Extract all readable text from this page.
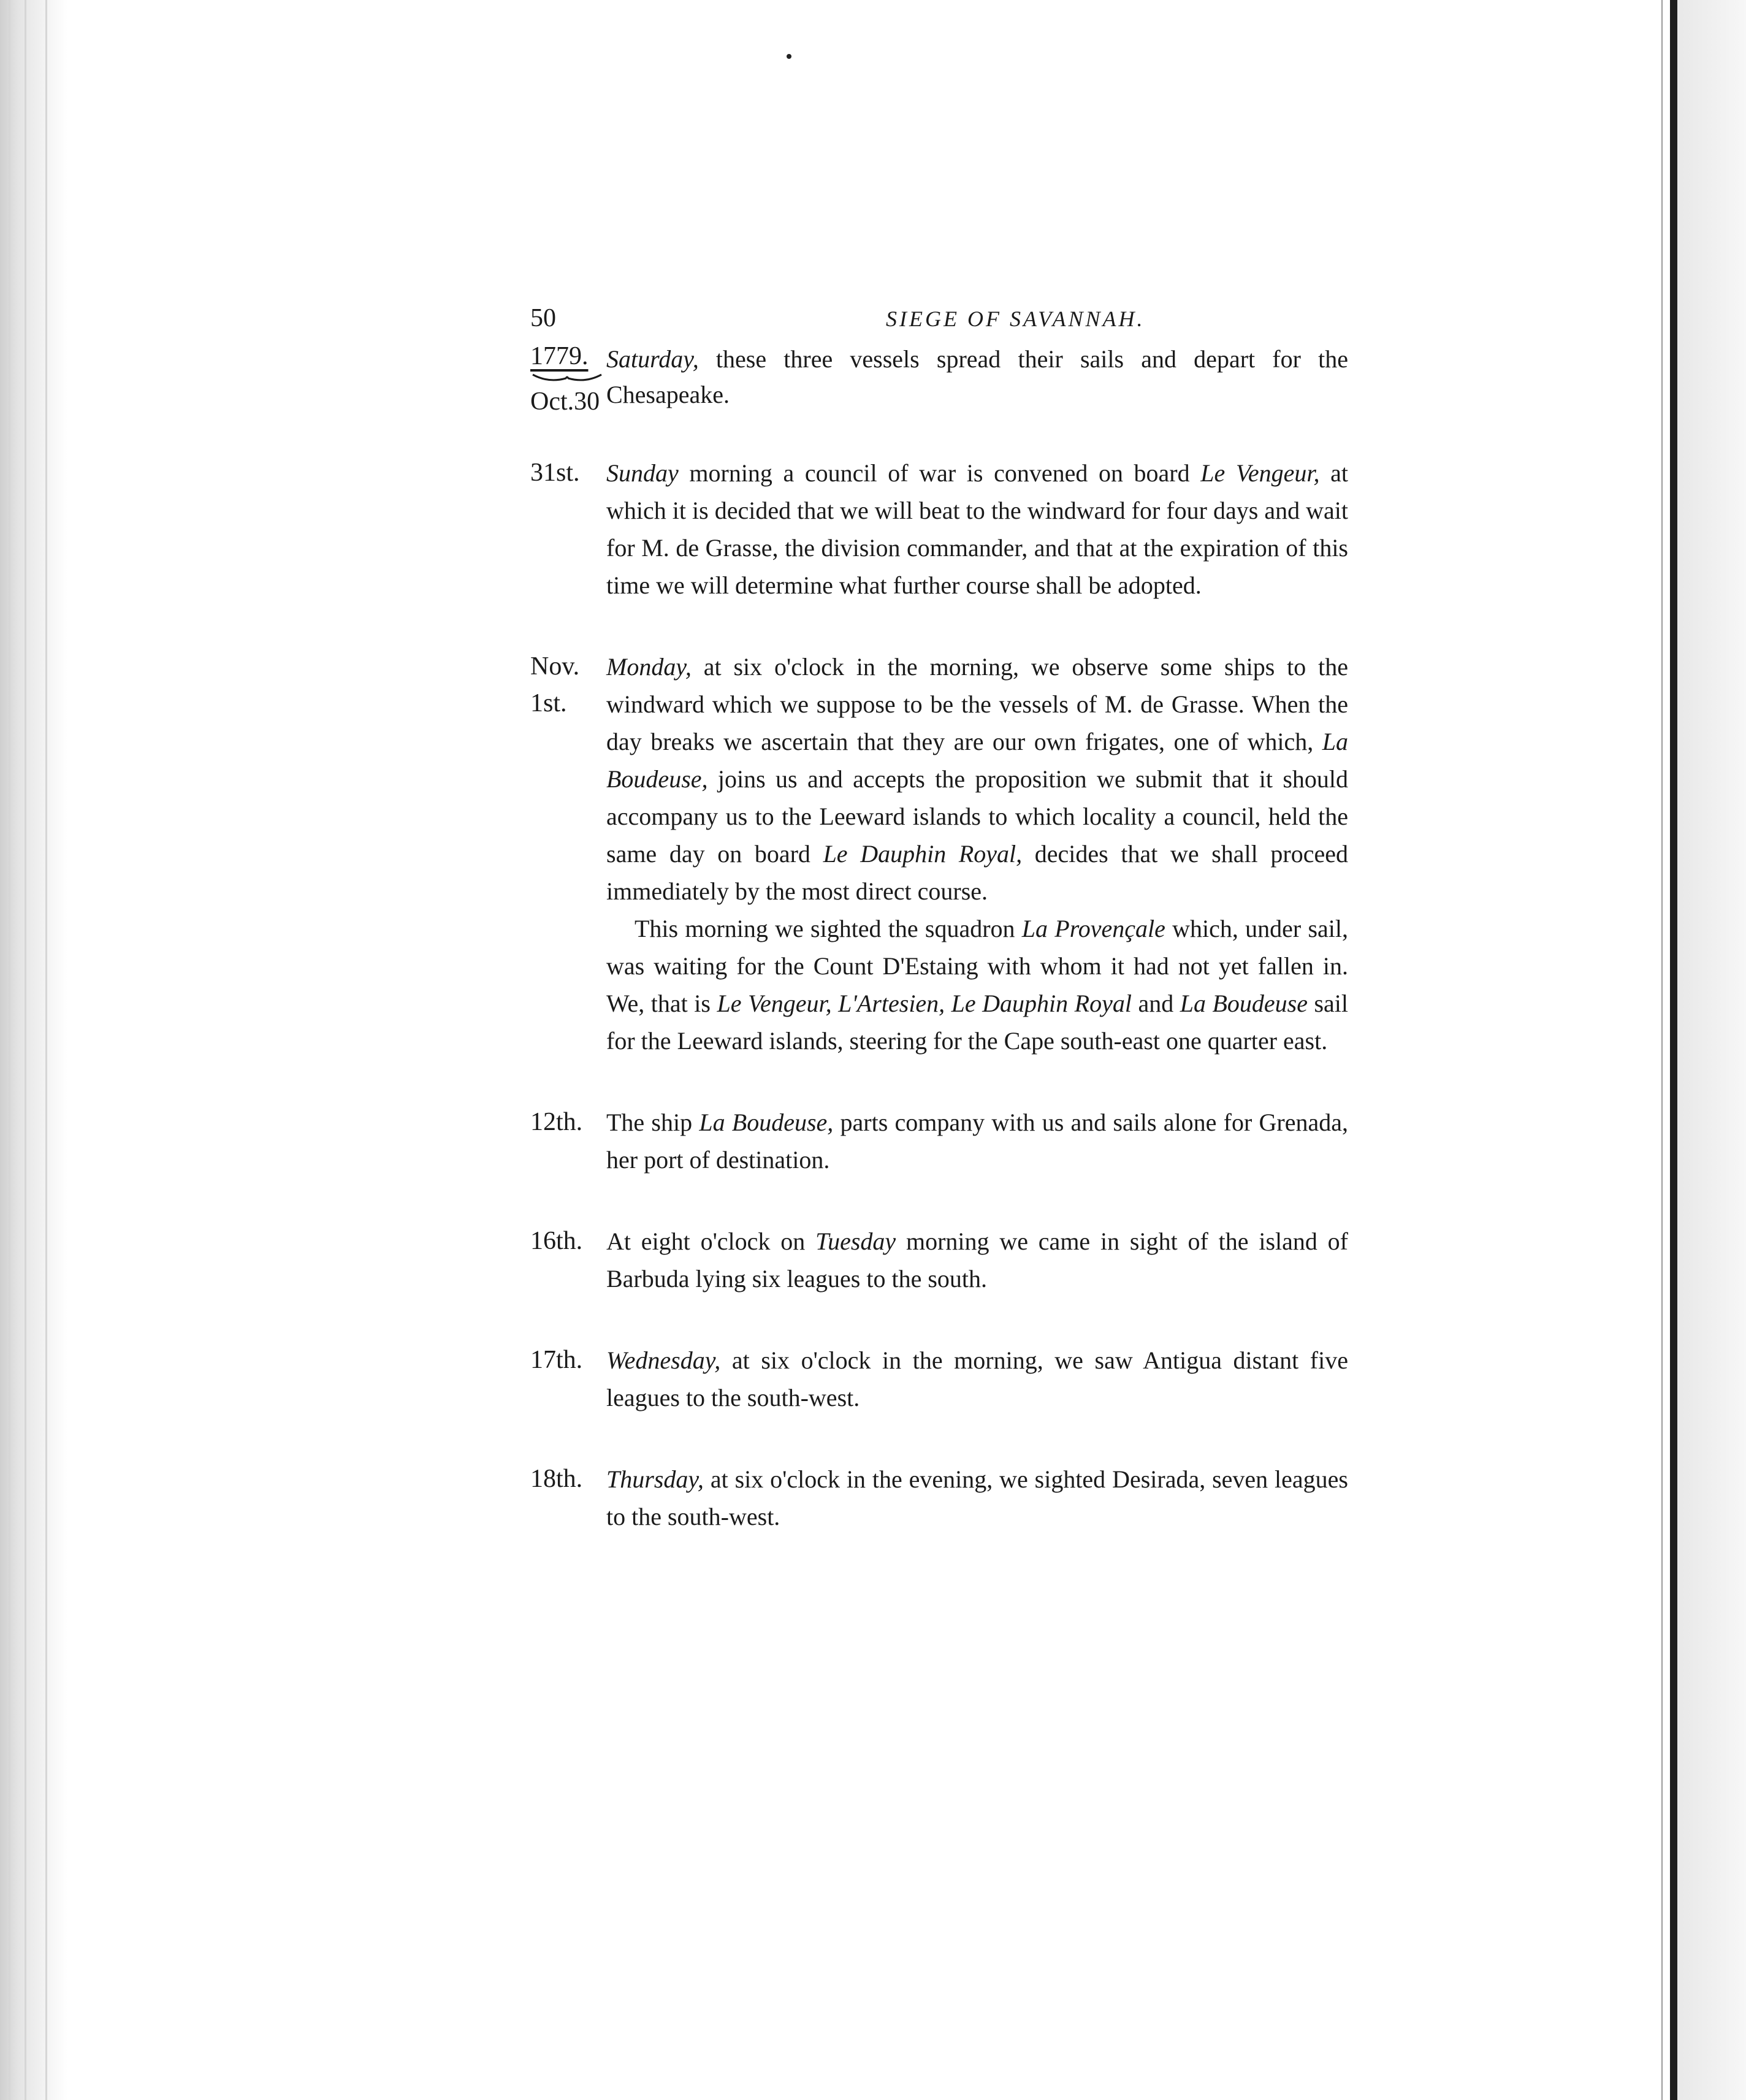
50	SIEGE OF SAVANNAH.
1779.
Oct.30

Saturday, these three vessels spread their sails and depart for the Chesapeake.

31st.	Sunday morning a council of war is convened on board Le Vengeur, at which it is decided that we will beat to the windward for four days and wait for M. de Grasse, the division commander, and that at the expiration of this time we will determine what further course shall be adopted.

Nov.
1st.

Monday, at six o'clock in the morning, we observe some ships to the windward which we suppose to be the vessels of M. de Grasse. When the day breaks we ascertain that they are our own frigates, one of which, La Boudeuse, joins us and accepts the proposition we submit that it should accompany us to the Leeward islands to which locality a council, held the same day on board Le Dauphin Royal, decides that we shall proceed immediately by the most direct course.

This morning we sighted the squadron La Provençale which, under sail, was waiting for the Count D'Estaing with whom it had not yet fallen in. We, that is Le Vengeur, L'Artesien, Le Dauphin Royal and La Boudeuse sail for the Leeward islands, steering for the Cape south-east one quarter east.

12th. The ship La Boudeuse, parts company with us and sails alone for Grenada, her port of destination.

16th. At eight o'clock on Tuesday morning we came in sight of the island of Barbuda lying six leagues to the south.

17th. Wednesday, at six o'clock in the morning, we saw Antigua distant five leagues to the south-west.

18th. Thursday, at six o'clock in the evening, we sighted Desirada, seven leagues to the south-west.
